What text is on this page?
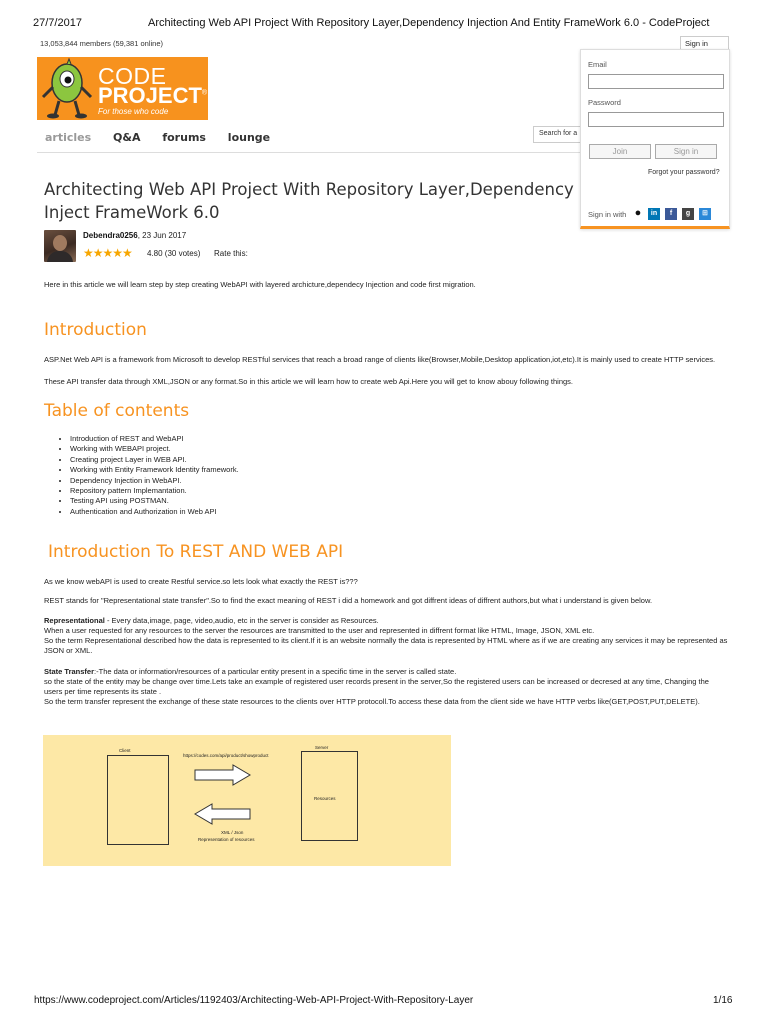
27/7/2017	Architecting Web API Project With Repository Layer,Dependency Injection And Entity FrameWork 6.0 - CodeProject
13,053,844 members (59,381 online)
CODE
PROJECT®
For those who code
articles Q&A forums lounge	Search for a
Architecting Web API Project With Repository Layer,Dependency Inject FrameWork 6.0
Debendra0256, 23 Jun 2017
★★★★★ 4.80 (30 votes) Rate this:
Here in this article we will learn step by step creating WebAPI with layered archicture,dependecy Injection and code first migration.
Introduction

ASP.Net Web API is a framework from Microsoft to develop RESTful services that reach a broad range of clients like(Browser,Mobile,Desktop application,iot,etc).It is mainly used to create HTTP services.

These API transfer data through XML,JSON or any format.So in this article we will learn how to create web Api.Here you will get to know abouy following things.

Table of contents
• Introduction of REST and WebAPI
• Working with WEBAPI project.
• Creating project Layer in WEB API.
• Working with Entity Framework Identity framework.
• Dependency Injection in WebAPI.
• Repository pattern Implemantation.
• Testing API using POSTMAN.
• Authentication and Authorization in Web API
Introduction To REST AND WEB API

As we know webAPI is used to create Restful service.so lets look what exactly the REST is???

REST stands for "Representational state transfer".So to find the exact meaning of REST i did a homework and got diffrent ideas of diffrent authors,but what i understand is given below.

Representational - Every data,image, page, video,audio, etc in the server is consider as Resources.
When a user requested for any resources to the server the resources are transmitted to the user and represented in diffrent format like HTML, Image, JSON, XML etc.
So the term Representational described how the data is represented to its client.If it is an website normally the data is represented by HTML where as if we are creating any services it may be represented as JSON or XML.

State Transfer:-The data or information/resources of a particular entity present in a specific time in the server is called state.
so the state of the entity may be change over time.Lets take an example of registered user records present in the server,So the registered users can be increased or decresed at any time, Changing the users per time represents its state .
So the term transfer represent the exchange of these state resources to the clients over HTTP protocoll.To access these data from the client side we have HTTP verbs like(GET,POST,PUT,DELETE).

Client
Server
https://codes.com/api/product/showproduct
Resources
XML / Json
Representation of resources
https://www.codeproject.com/Articles/1192403/Architecting-Web-API-Project-With-Repository-Layer	1/16
Sign in
Email
Password
Join	Sign in
Forgot your password?
Sign in with ●	in	f	g	⊞
